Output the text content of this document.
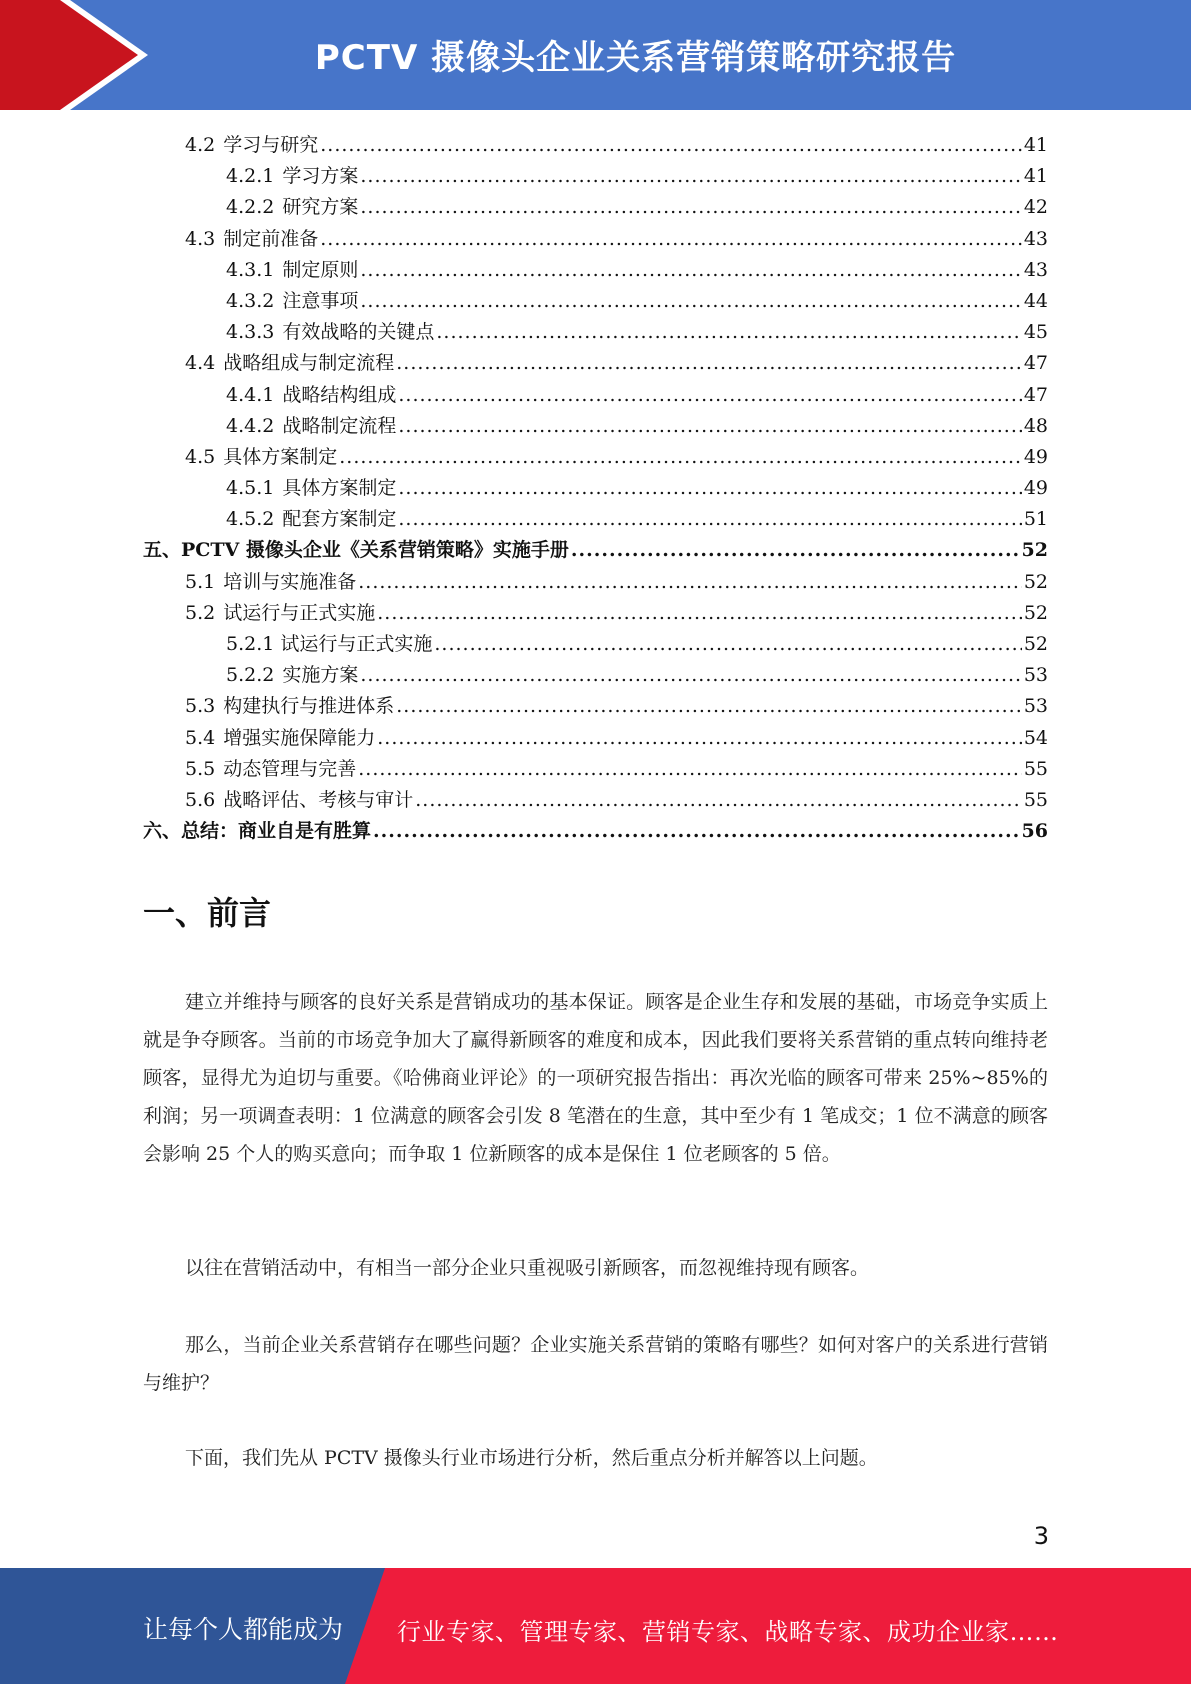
PCTV 摄像头企业关系营销策略研究报告
4.2 学习与研究 .....	41
4.2.1 学习方案 .....	41
4.2.2 研究方案 .....	42
4.3 制定前准备 .....	43
4.3.1 制定原则 .....	43
4.3.2 注意事项 .....	44
4.3.3 有效战略的关键点 .....	45
4.4 战略组成与制定流程 .....	47
4.4.1 战略结构组成 .....	47
4.4.2 战略制定流程 .....	48
4.5 具体方案制定 .....	49
4.5.1 具体方案制定 .....	49
4.5.2 配套方案制定 .....	51
五、PCTV 摄像头企业《关系营销策略》实施手册 .....	52
5.1 培训与实施准备 .....	52
5.2 试运行与正式实施 .....	52
5.2.1 试运行与正式实施 .....	52
5.2.2 实施方案 .....	53
5.3 构建执行与推进体系 .....	53
5.4 增强实施保障能力 .....	54
5.5 动态管理与完善 .....	55
5.6 战略评估、考核与审计 .....	55
六、总结：商业自是有胜算 .....	56
一、前言
建立并维持与顾客的良好关系是营销成功的基本保证。顾客是企业生存和发展的基础，市场竞争实质上就是争夺顾客。当前的市场竞争加大了赢得新顾客的难度和成本，因此我们要将关系营销的重点转向维持老顾客，显得尤为迫切与重要。《哈佛商业评论》的一项研究报告指出：再次光临的顾客可带来 25%~85%的利润；另一项调查表明：1 位满意的顾客会引发 8 笔潜在的生意，其中至少有 1 笔成交；1 位不满意的顾客会影响 25 个人的购买意向；而争取 1 位新顾客的成本是保住 1 位老顾客的 5 倍。
以往在营销活动中，有相当一部分企业只重视吸引新顾客，而忽视维持现有顾客。
那么，当前企业关系营销存在哪些问题？企业实施关系营销的策略有哪些？如何对客户的关系进行营销与维护？
下面，我们先从 PCTV 摄像头行业市场进行分析，然后重点分析并解答以上问题。
3
让每个人都能成为 行业专家、管理专家、营销专家、战略专家、成功企业家……
